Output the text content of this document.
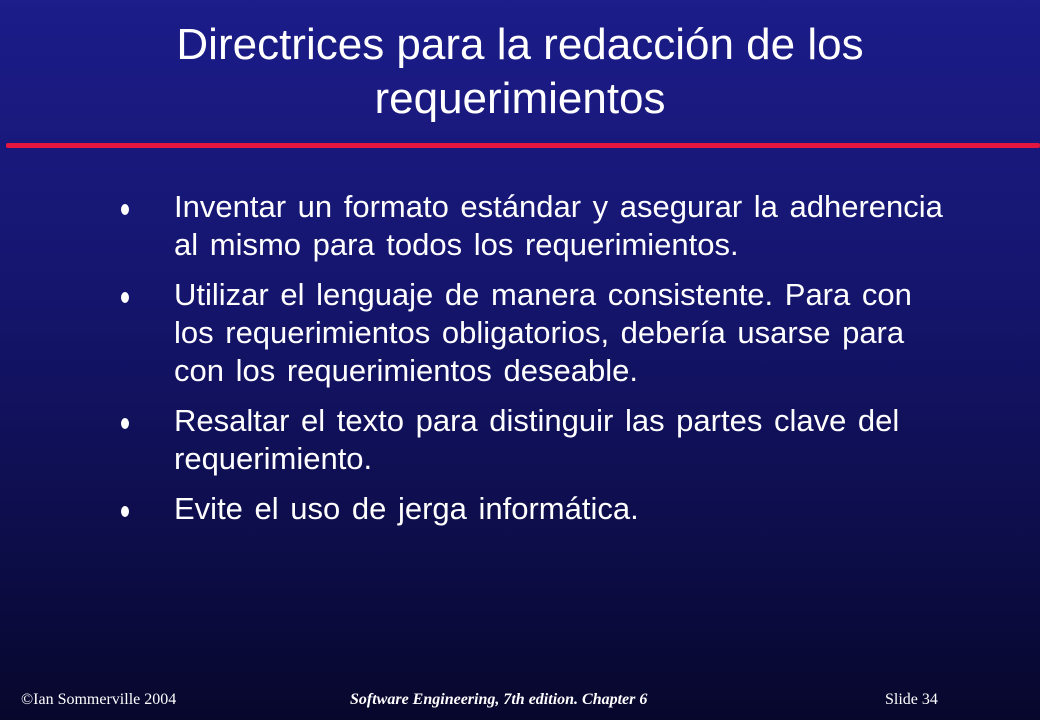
Directrices para la redacción de los requerimientos
Inventar un formato estándar y asegurar la adherencia al mismo para todos los requerimientos.
Utilizar el lenguaje de manera consistente. Para con los requerimientos obligatorios, debería usarse para con los requerimientos deseable.
Resaltar el texto para distinguir las partes clave del requerimiento.
Evite el uso de jerga informática.
©Ian Sommerville 2004	Software Engineering, 7th edition. Chapter 6	Slide 34
